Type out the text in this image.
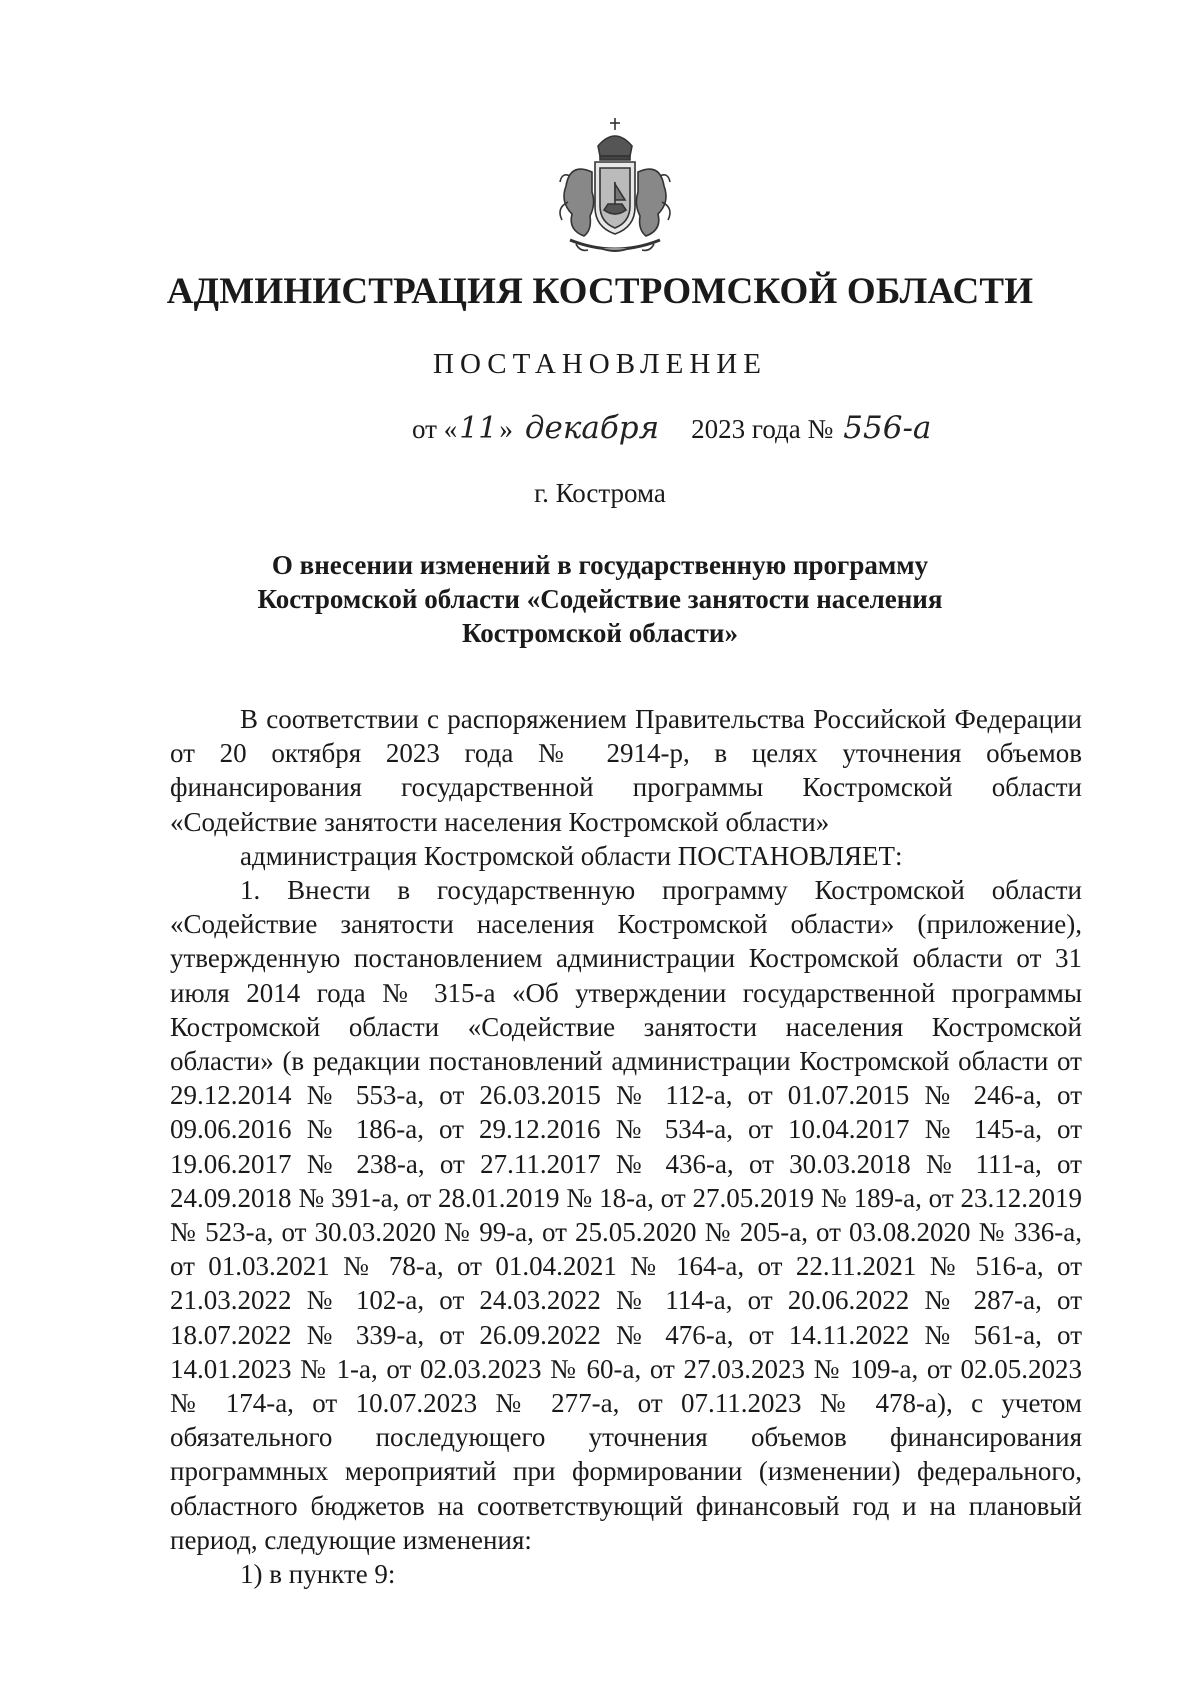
АДМИНИСТРАЦИЯ КОСТРОМСКОЙ ОБЛАСТИ
ПОСТАНОВЛЕНИЕ
от «11» декабря 2023 года № 556-а
г. Кострома
О внесении изменений в государственную программу
Костромской области «Содействие занятости населения
Костромской области»

В соответствии с распоряжением Правительства Российской Федерации от 20 октября 2023 года № 2914-р, в целях уточнения объемов финансирования государственной программы Костромской области «Содействие занятости населения Костромской области»

администрация Костромской области ПОСТАНОВЛЯЕТ:

1. Внести в государственную программу Костромской области «Содействие занятости населения Костромской области» (приложение), утвержденную постановлением администрации Костромской области от 31 июля 2014 года № 315-а «Об утверждении государственной программы Костромской области «Содействие занятости населения Костромской области» (в редакции постановлений администрации Костромской области от 29.12.2014 № 553-а, от 26.03.2015 № 112-а, от 01.07.2015 № 246-а, от 09.06.2016 № 186-а, от 29.12.2016 № 534-а, от 10.04.2017 № 145-а, от 19.06.2017 № 238-а, от 27.11.2017 № 436-а, от 30.03.2018 № 111-а, от 24.09.2018 № 391-а, от 28.01.2019 № 18-а, от 27.05.2019 № 189-а, от 23.12.2019 № 523-а, от 30.03.2020 № 99-а, от 25.05.2020 № 205-а, от 03.08.2020 № 336-а, от 01.03.2021 № 78-а, от 01.04.2021 № 164-а, от 22.11.2021 № 516-а, от 21.03.2022 № 102-а, от 24.03.2022 № 114-а, от 20.06.2022 № 287-а, от 18.07.2022 № 339-а, от 26.09.2022 № 476-а, от 14.11.2022 № 561-а, от 14.01.2023 № 1-а, от 02.03.2023 № 60-а, от 27.03.2023 № 109-а, от 02.05.2023 № 174-а, от 10.07.2023 № 277-а, от 07.11.2023 № 478-а), с учетом обязательного последующего уточнения объемов финансирования программных мероприятий при формировании (изменении) федерального, областного бюджетов на соответствующий финансовый год и на плановый период, следующие изменения:

1) в пункте 9:
